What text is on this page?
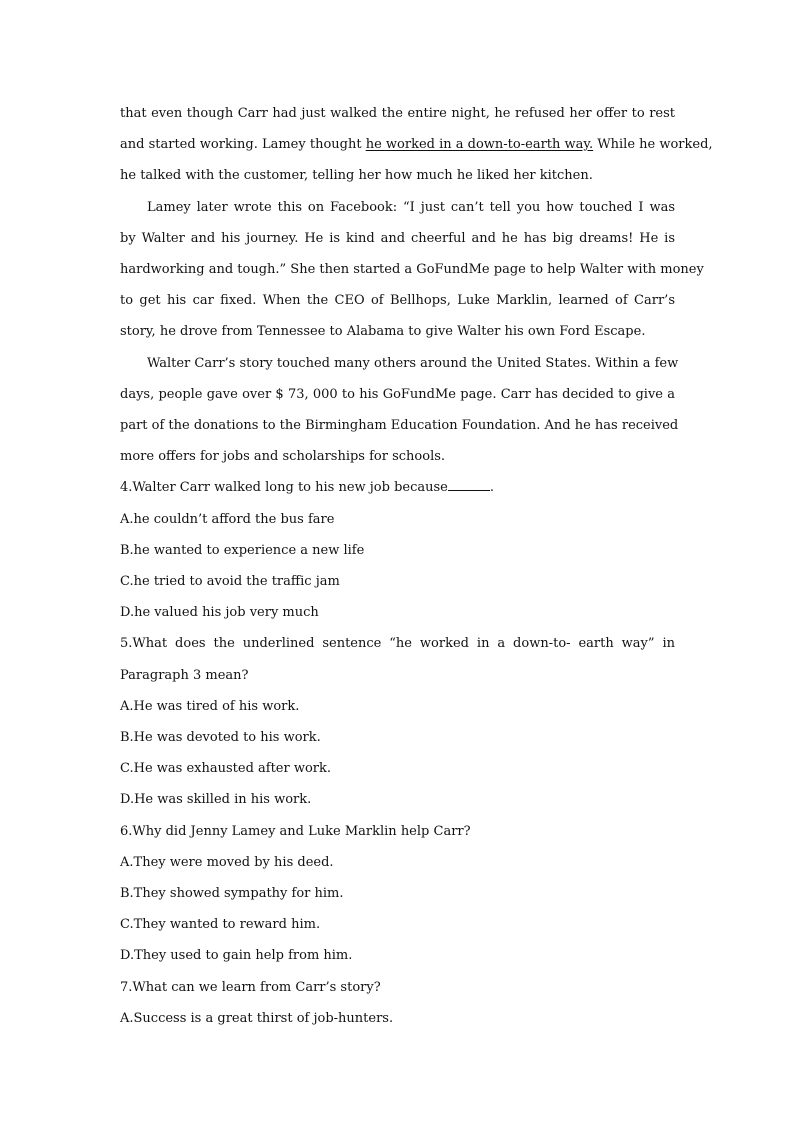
that even though Carr had just walked the entire night, he refused her offer to rest
and started working. Lamey thought he worked in a down-to-earth way. While he worked,
he talked with the customer, telling her how much he liked her kitchen.
Lamey later wrote this on Facebook: “I just can’t tell you how touched I was
by Walter and his journey. He is kind and cheerful and he has big dreams! He is
hardworking and tough.” She then started a GoFundMe page to help Walter with money
to get his car fixed. When the CEO of Bellhops, Luke Marklin, learned of Carr’s
story, he drove from Tennessee to Alabama to give Walter his own Ford Escape.
Walter Carr’s story touched many others around the United States. Within a few
days, people gave over $ 73, 000 to his GoFundMe page. Carr has decided to give a
part of the donations to the Birmingham Education Foundation. And he has received
more offers for jobs and scholarships for schools.
4.Walter Carr walked long to his new job because	.
A.he couldn’t afford the bus fare
B.he wanted to experience a new life
C.he tried to avoid the traffic jam
D.he valued his job very much
5.What does the underlined sentence “he worked in a down-to- earth way” in
Paragraph 3 mean?
A.He was tired of his work.
B.He was devoted to his work.
C.He was exhausted after work.
D.He was skilled in his work.
6.Why did Jenny Lamey and Luke Marklin help Carr?
A.They were moved by his deed.
B.They showed sympathy for him.
C.They wanted to reward him.
D.They used to gain help from him.
7.What can we learn from Carr’s story?
A.Success is a great thirst of job-hunters.
